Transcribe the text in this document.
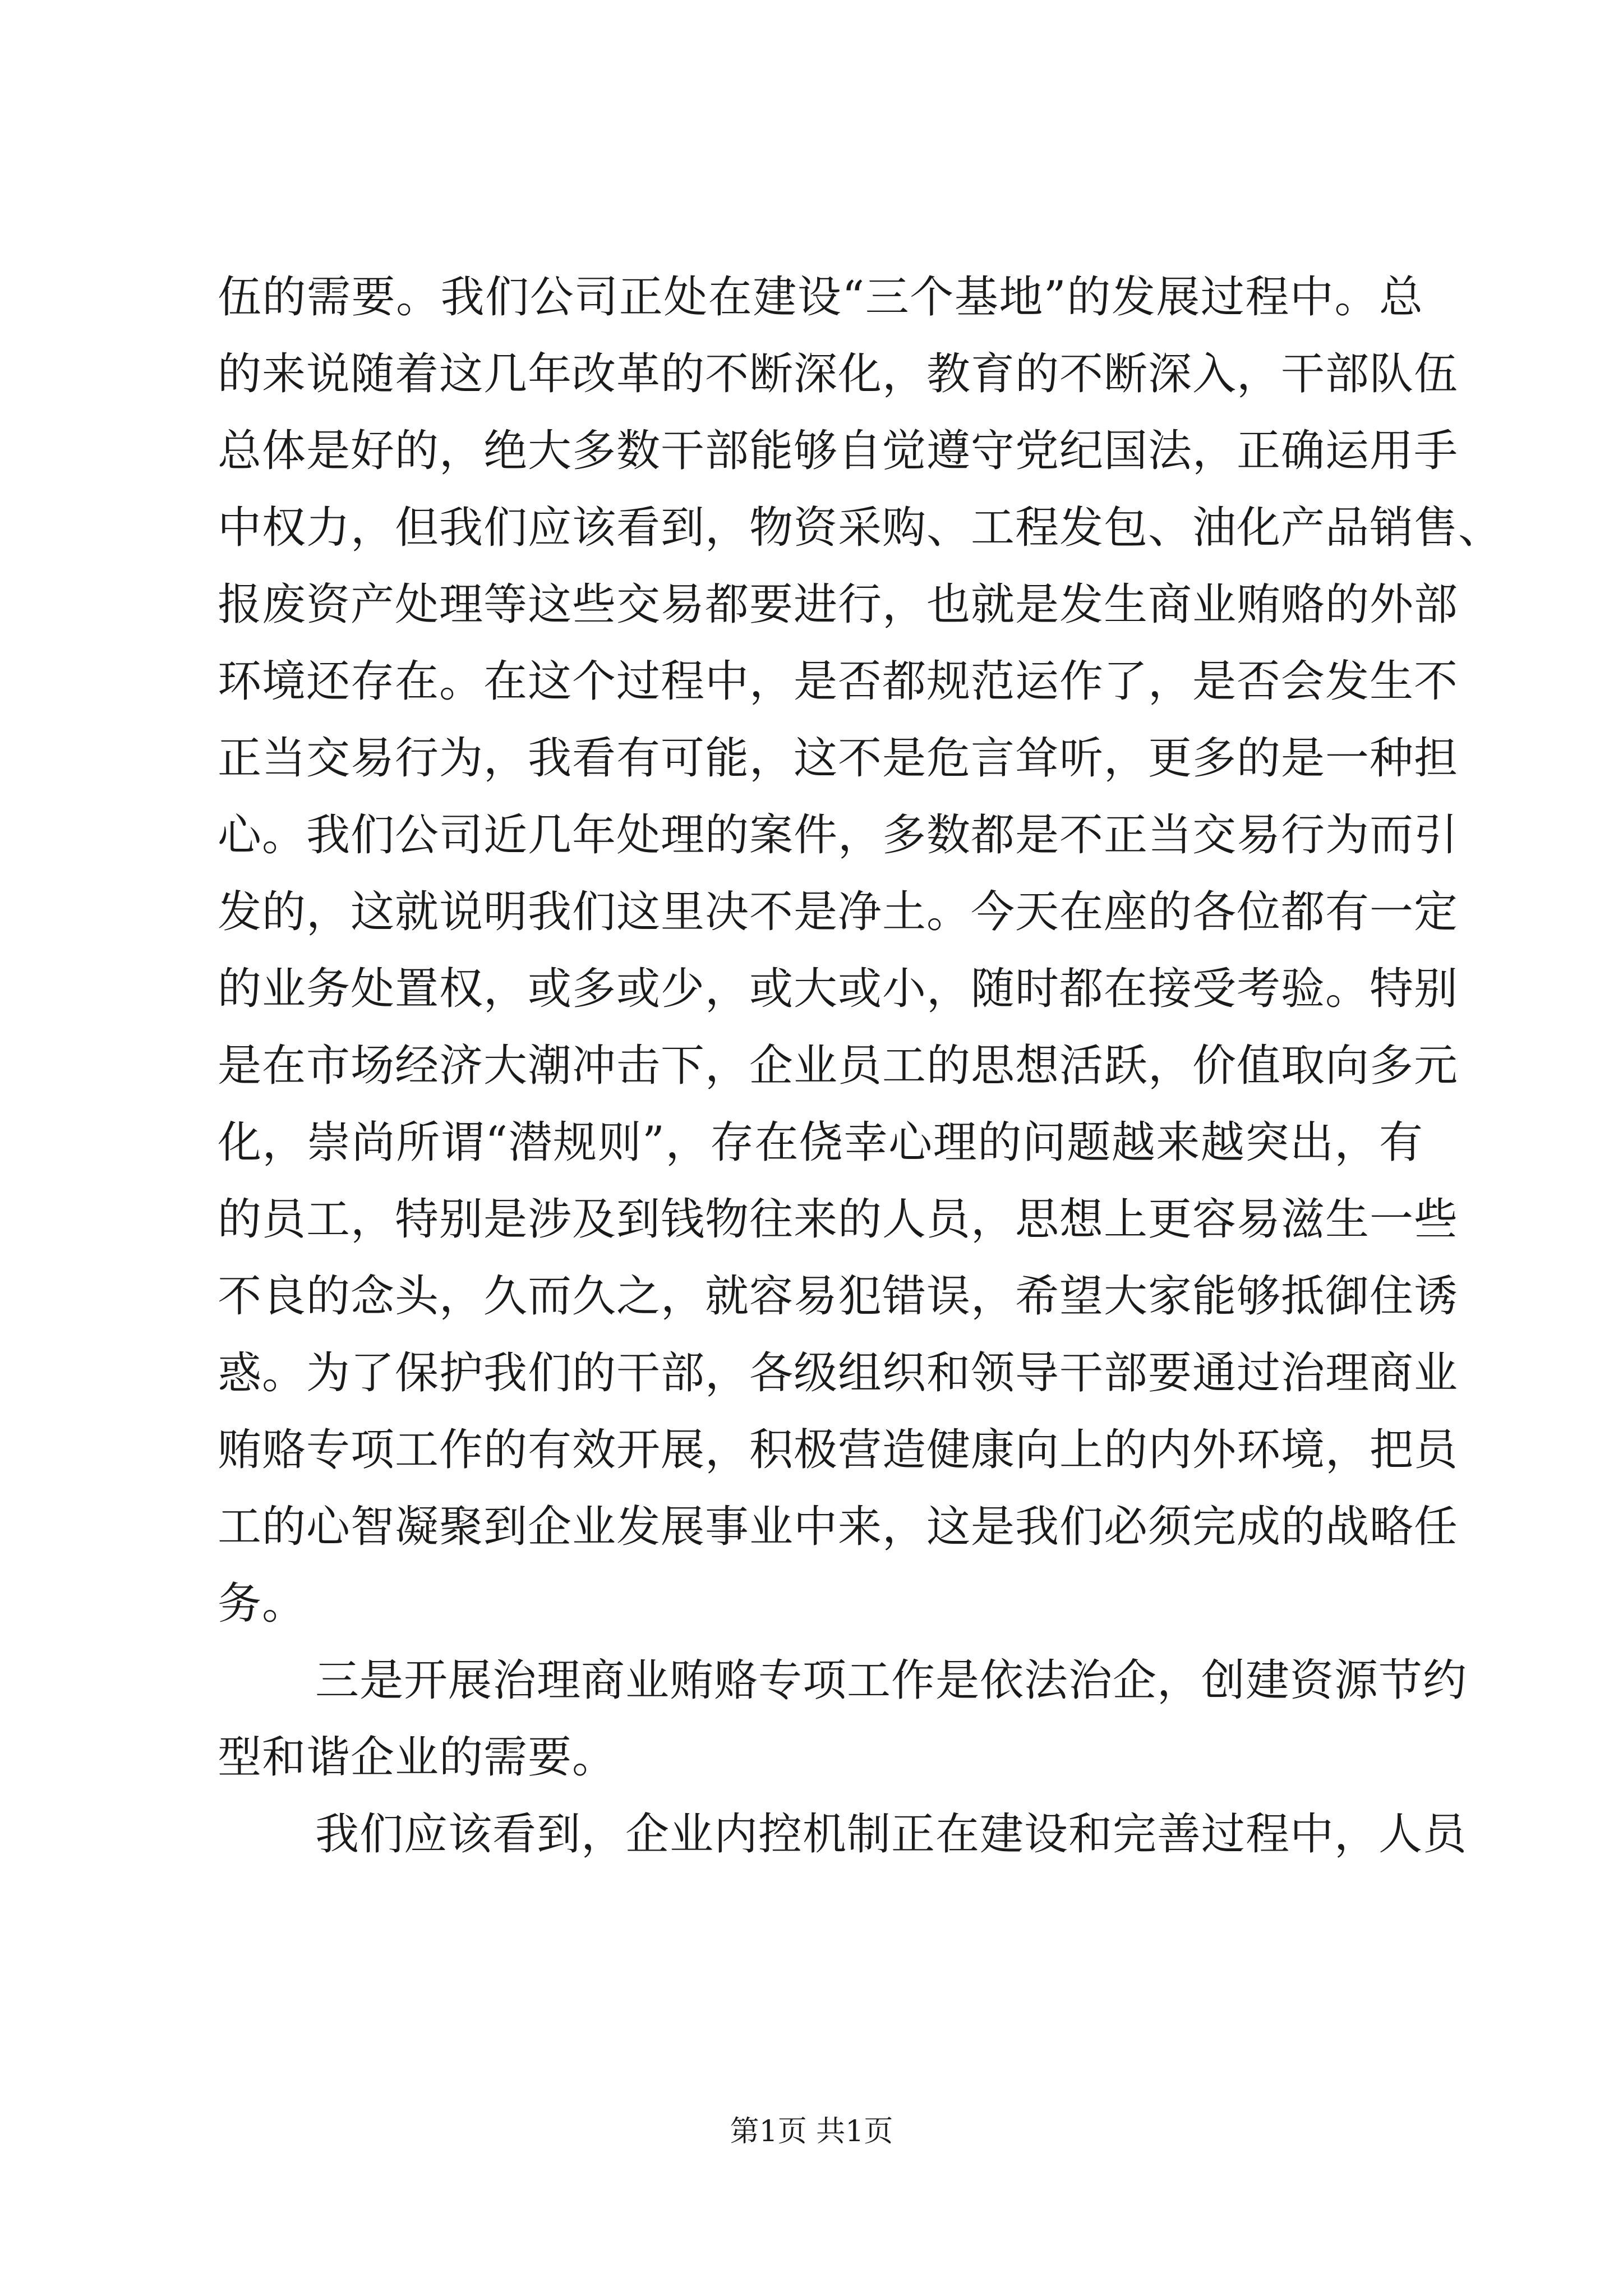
伍的需要。我们公司正处在建设“三个基地”的发展过程中。总
的来说随着这几年改革的不断深化，教育的不断深入，干部队伍
总体是好的，绝大多数干部能够自觉遵守党纪国法，正确运用手
中权力，但我们应该看到，物资采购、工程发包、油化产品销售、
报废资产处理等这些交易都要进行，也就是发生商业贿赂的外部
环境还存在。在这个过程中，是否都规范运作了，是否会发生不
正当交易行为，我看有可能，这不是危言耸听，更多的是一种担
心。我们公司近几年处理的案件，多数都是不正当交易行为而引
发的，这就说明我们这里决不是净土。今天在座的各位都有一定
的业务处置权，或多或少，或大或小，随时都在接受考验。特别
是在市场经济大潮冲击下，企业员工的思想活跃，价值取向多元
化，崇尚所谓“潜规则”，存在侥幸心理的问题越来越突出，有
的员工，特别是涉及到钱物往来的人员，思想上更容易滋生一些
不良的念头，久而久之，就容易犯错误，希望大家能够抵御住诱
惑。为了保护我们的干部，各级组织和领导干部要通过治理商业
贿赂专项工作的有效开展，积极营造健康向上的内外环境，把员
工的心智凝聚到企业发展事业中来，这是我们必须完成的战略任
务。
三是开展治理商业贿赂专项工作是依法治企，创建资源节约
型和谐企业的需要。
我们应该看到，企业内控机制正在建设和完善过程中，人员
第1页 共1页
